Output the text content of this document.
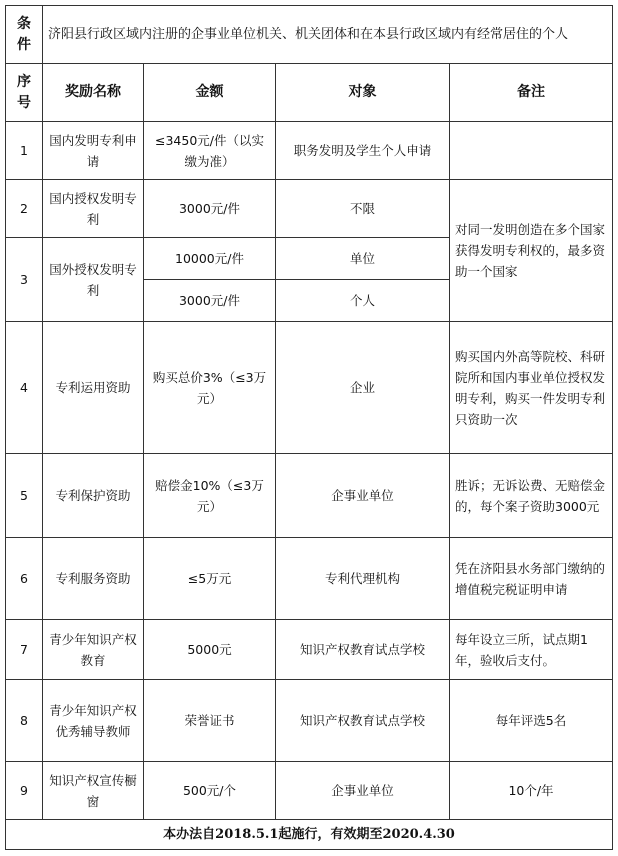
条件	济阳县行政区域内注册的企事业单位机关、机关团体和在本县行政区域内有经常居住的个人			
序号	奖励名称	金额	对象	备注
1	国内发明专利申请	≤3450元/件（以实缴为准）	职务发明及学生个人申请	
2	国内授权发明专利	3000元/件	不限	对同一发明创造在多个国家获得发明专利权的，最多资助一个国家
3	国外授权发明专利	10000元/件	单位	
		3000元/件	个人	
4	专利运用资助	购买总价3%（≤3万元）	企业	购买国内外高等院校、科研院所和国内事业单位授权发明专利，购买一件发明专利只资助一次
5	专利保护资助	赔偿金10%（≤3万元）	企事业单位	胜诉；无诉讼费、无赔偿金的，每个案子资助3000元
6	专利服务资助	≤5万元	专利代理机构	凭在济阳县水务部门缴纳的增值税完税证明申请
7	青少年知识产权教育	5000元	知识产权教育试点学校	每年设立三所，试点期1年，验收后支付。
8	青少年知识产权优秀辅导教师	荣誉证书	知识产权教育试点学校	每年评选5名
9	知识产权宣传橱窗	500元/个	企事业单位	10个/年
本办法自2018.5.1起施行，有效期至2020.4.30				
